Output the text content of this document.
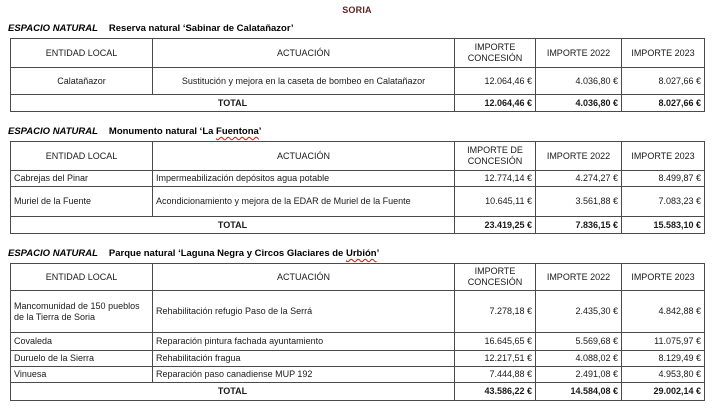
SORIA
ESPACIO NATURAL Reserva natural ‘Sabinar de Calatañazor’
ENTIDAD LOCAL	ACTUACIÓN	IMPORTE CONCESIÓN	IMPORTE 2022	IMPORTE 2023
Calatañazor	Sustitución y mejora en la caseta de bombeo en Calatañazor	12.064,46 €	4.036,80 €	8.027,66 €
TOTAL		12.064,46 €	4.036,80 €	8.027,66 €
ESPACIO NATURAL Monumento natural ‘La Fuentona’
ENTIDAD LOCAL	ACTUACIÓN	IMPORTE DE CONCESIÓN	IMPORTE 2022	IMPORTE 2023
Cabrejas del Pinar	Impermeabilización depósitos agua potable	12.774,14 €	4.274,27 €	8.499,87 €
Muriel de la Fuente	Acondicionamiento y mejora de la EDAR de Muriel de la Fuente	10.645,11 €	3.561,88 €	7.083,23 €
TOTAL		23.419,25 €	7.836,15 €	15.583,10 €
ESPACIO NATURAL Parque natural ‘Laguna Negra y Circos Glaciares de Urbión’
ENTIDAD LOCAL	ACTUACIÓN	IMPORTE CONCESIÓN	IMPORTE 2022	IMPORTE 2023
Mancomunidad de 150 pueblos de la Tierra de Soria	Rehabilitación refugio Paso de la Serrá	7.278,18 €	2.435,30 €	4.842,88 €
Covaleda	Reparación pintura fachada ayuntamiento	16.645,65 €	5.569,68 €	11.075,97 €
Duruelo de la Sierra	Rehabilitación fragua	12.217,51 €	4.088,02 €	8.129,49 €
Vinuesa	Reparación paso canadiense MUP 192	7.444,88 €	2.491,08 €	4.953,80 €
TOTAL		43.586,22 €	14.584,08 €	29.002,14 €
